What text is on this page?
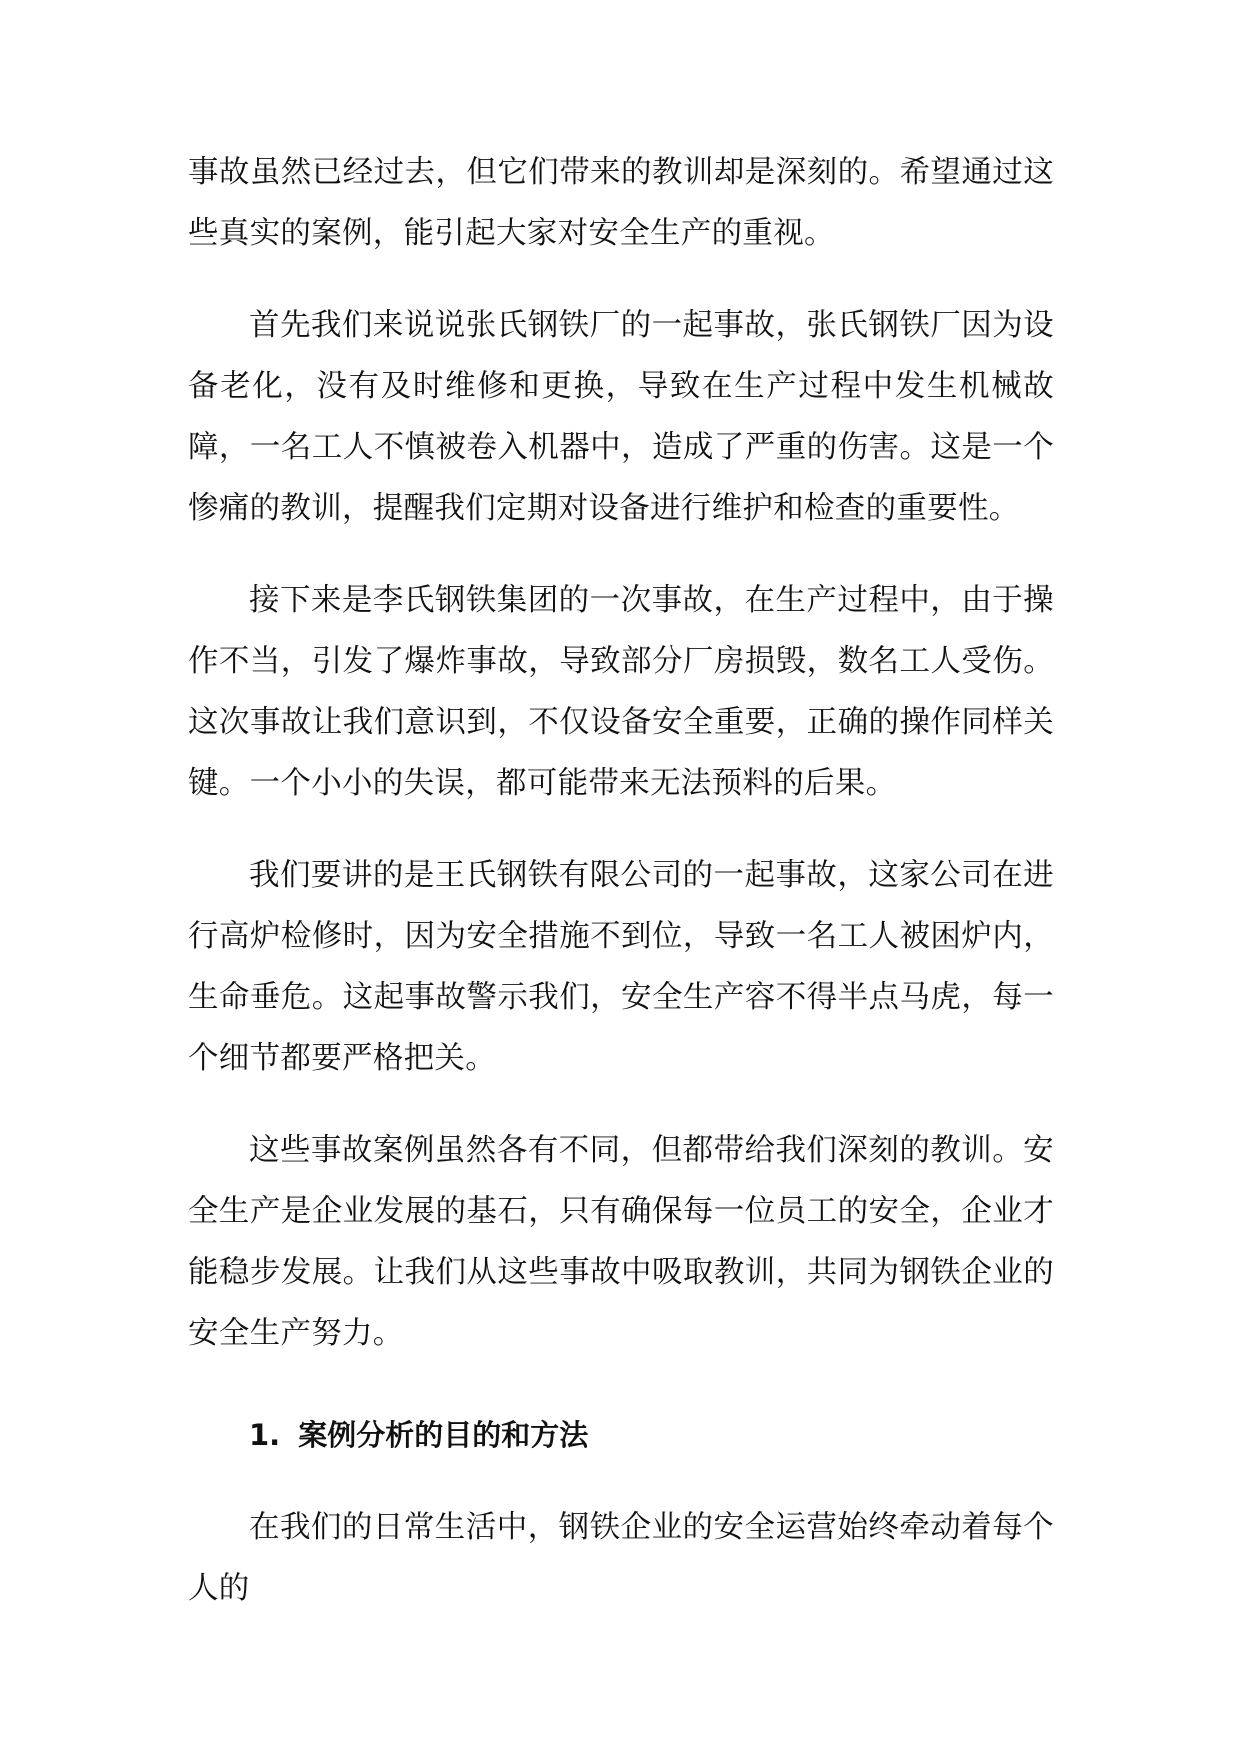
事故虽然已经过去，但它们带来的教训却是深刻的。希望通过这些真实的案例，能引起大家对安全生产的重视。

首先我们来说说张氏钢铁厂的一起事故，张氏钢铁厂因为设备老化，没有及时维修和更换，导致在生产过程中发生机械故障，一名工人不慎被卷入机器中，造成了严重的伤害。这是一个惨痛的教训，提醒我们定期对设备进行维护和检查的重要性。

接下来是李氏钢铁集团的一次事故，在生产过程中，由于操作不当，引发了爆炸事故，导致部分厂房损毁，数名工人受伤。这次事故让我们意识到，不仅设备安全重要，正确的操作同样关键。一个小小的失误，都可能带来无法预料的后果。

我们要讲的是王氏钢铁有限公司的一起事故，这家公司在进行高炉检修时，因为安全措施不到位，导致一名工人被困炉内，生命垂危。这起事故警示我们，安全生产容不得半点马虎，每一个细节都要严格把关。

这些事故案例虽然各有不同，但都带给我们深刻的教训。安全生产是企业发展的基石，只有确保每一位员工的安全，企业才能稳步发展。让我们从这些事故中吸取教训，共同为钢铁企业的安全生产努力。

1. 案例分析的目的和方法

在我们的日常生活中，钢铁企业的安全运营始终牵动着每个人的
